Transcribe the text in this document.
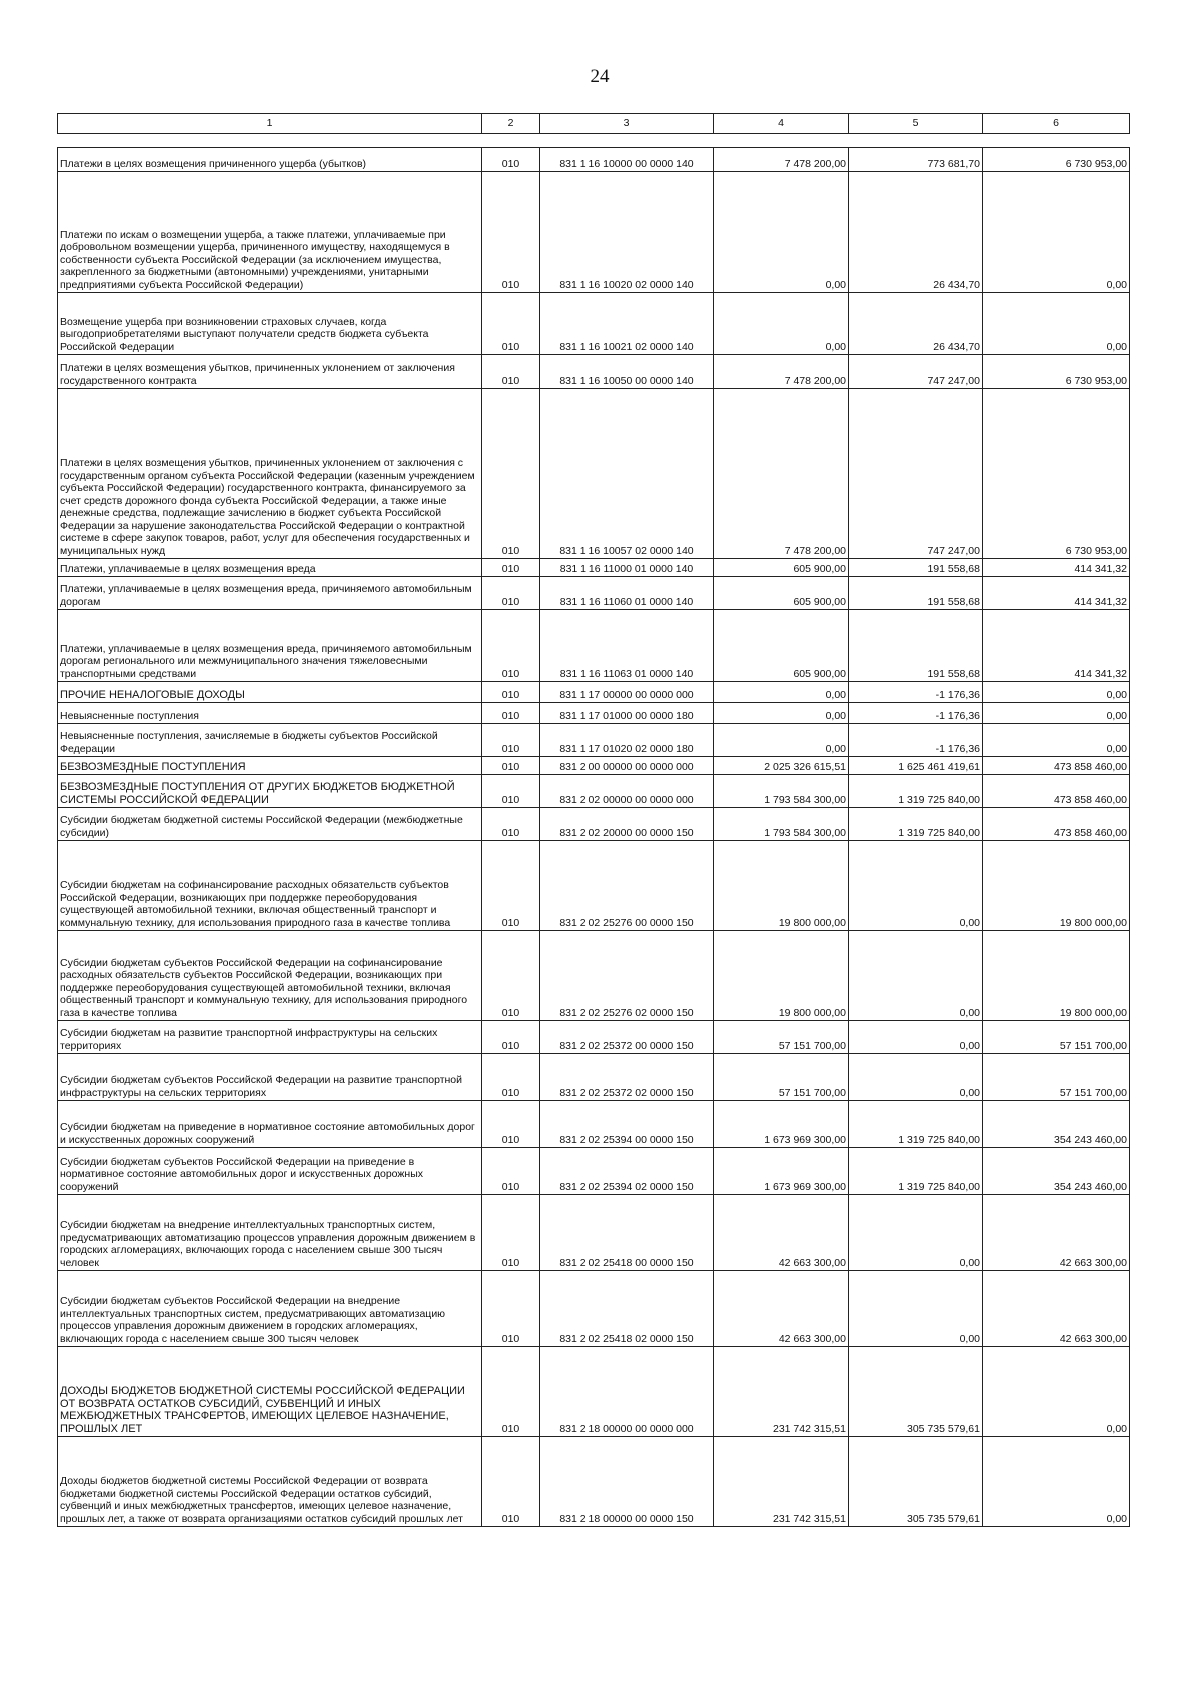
24
1	2	3	4	5	6

Платежи в целях возмещения причиненного ущерба (убытков)	010	831 1 16 10000 00 0000 140	7 478 200,00	773 681,70	6 730 953,00
Платежи по искам о возмещении ущерба, а также платежи, уплачиваемые при добровольном возмещении ущерба, причиненного имуществу, находящемуся в собственности субъекта Российской Федерации (за исключением имущества, закрепленного за бюджетными (автономными) учреждениями, унитарными предприятиями субъекта Российской Федерации)	010	831 1 16 10020 02 0000 140	0,00	26 434,70	0,00
Возмещение ущерба при возникновении страховых случаев, когда выгодоприобретателями выступают получатели средств бюджета субъекта Российской Федерации	010	831 1 16 10021 02 0000 140	0,00	26 434,70	0,00
Платежи в целях возмещения убытков, причиненных уклонением от заключения государственного контракта	010	831 1 16 10050 00 0000 140	7 478 200,00	747 247,00	6 730 953,00
Платежи в целях возмещения убытков, причиненных уклонением от заключения с государственным органом субъекта Российской Федерации (казенным учреждением субъекта Российской Федерации) государственного контракта, финансируемого за счет средств дорожного фонда субъекта Российской Федерации, а также иные денежные средства, подлежащие зачислению в бюджет субъекта Российской Федерации за нарушение законодательства Российской Федерации о контрактной системе в сфере закупок товаров, работ, услуг для обеспечения государственных и муниципальных нужд	010	831 1 16 10057 02 0000 140	7 478 200,00	747 247,00	6 730 953,00
Платежи, уплачиваемые в целях возмещения вреда	010	831 1 16 11000 01 0000 140	605 900,00	191 558,68	414 341,32
Платежи, уплачиваемые в целях возмещения вреда, причиняемого автомобильным дорогам	010	831 1 16 11060 01 0000 140	605 900,00	191 558,68	414 341,32
Платежи, уплачиваемые в целях возмещения вреда, причиняемого автомобильным дорогам регионального или межмуниципального значения тяжеловесными транспортными средствами	010	831 1 16 11063 01 0000 140	605 900,00	191 558,68	414 341,32
ПРОЧИЕ НЕНАЛОГОВЫЕ ДОХОДЫ	010	831 1 17 00000 00 0000 000	0,00	-1 176,36	0,00
Невыясненные поступления	010	831 1 17 01000 00 0000 180	0,00	-1 176,36	0,00
Невыясненные поступления, зачисляемые в бюджеты субъектов Российской Федерации	010	831 1 17 01020 02 0000 180	0,00	-1 176,36	0,00
БЕЗВОЗМЕЗДНЫЕ ПОСТУПЛЕНИЯ	010	831 2 00 00000 00 0000 000	2 025 326 615,51	1 625 461 419,61	473 858 460,00
БЕЗВОЗМЕЗДНЫЕ ПОСТУПЛЕНИЯ ОТ ДРУГИХ БЮДЖЕТОВ БЮДЖЕТНОЙ СИСТЕМЫ РОССИЙСКОЙ ФЕДЕРАЦИИ	010	831 2 02 00000 00 0000 000	1 793 584 300,00	1 319 725 840,00	473 858 460,00
Субсидии бюджетам бюджетной системы Российской Федерации (межбюджетные субсидии)	010	831 2 02 20000 00 0000 150	1 793 584 300,00	1 319 725 840,00	473 858 460,00
Субсидии бюджетам на софинансирование расходных обязательств субъектов Российской Федерации, возникающих при поддержке переоборудования существующей автомобильной техники, включая общественный транспорт и коммунальную технику, для использования природного газа в качестве топлива	010	831 2 02 25276 00 0000 150	19 800 000,00	0,00	19 800 000,00
Субсидии бюджетам субъектов Российской Федерации на софинансирование расходных обязательств субъектов Российской Федерации, возникающих при поддержке переоборудования существующей автомобильной техники, включая общественный транспорт и коммунальную технику, для использования природного газа в качестве топлива	010	831 2 02 25276 02 0000 150	19 800 000,00	0,00	19 800 000,00
Субсидии бюджетам на развитие транспортной инфраструктуры на сельских территориях	010	831 2 02 25372 00 0000 150	57 151 700,00	0,00	57 151 700,00
Субсидии бюджетам субъектов Российской Федерации на развитие транспортной инфраструктуры на сельских территориях	010	831 2 02 25372 02 0000 150	57 151 700,00	0,00	57 151 700,00
Субсидии бюджетам на приведение в нормативное состояние автомобильных дорог и искусственных дорожных сооружений	010	831 2 02 25394 00 0000 150	1 673 969 300,00	1 319 725 840,00	354 243 460,00
Субсидии бюджетам субъектов Российской Федерации на приведение в нормативное состояние автомобильных дорог и искусственных дорожных сооружений	010	831 2 02 25394 02 0000 150	1 673 969 300,00	1 319 725 840,00	354 243 460,00
Субсидии бюджетам на внедрение интеллектуальных транспортных систем, предусматривающих автоматизацию процессов управления дорожным движением в городских агломерациях, включающих города с населением свыше 300 тысяч человек	010	831 2 02 25418 00 0000 150	42 663 300,00	0,00	42 663 300,00
Субсидии бюджетам субъектов Российской Федерации на внедрение интеллектуальных транспортных систем, предусматривающих автоматизацию процессов управления дорожным движением в городских агломерациях, включающих города с населением свыше 300 тысяч человек	010	831 2 02 25418 02 0000 150	42 663 300,00	0,00	42 663 300,00
ДОХОДЫ БЮДЖЕТОВ БЮДЖЕТНОЙ СИСТЕМЫ РОССИЙСКОЙ ФЕДЕРАЦИИ ОТ ВОЗВРАТА ОСТАТКОВ СУБСИДИЙ, СУБВЕНЦИЙ И ИНЫХ МЕЖБЮДЖЕТНЫХ ТРАНСФЕРТОВ, ИМЕЮЩИХ ЦЕЛЕВОЕ НАЗНАЧЕНИЕ, ПРОШЛЫХ ЛЕТ	010	831 2 18 00000 00 0000 000	231 742 315,51	305 735 579,61	0,00
Доходы бюджетов бюджетной системы Российской Федерации от возврата бюджетами бюджетной системы Российской Федерации остатков субсидий, субвенций и иных межбюджетных трансфертов, имеющих целевое назначение, прошлых лет, а также от возврата организациями остатков субсидий прошлых лет	010	831 2 18 00000 00 0000 150	231 742 315,51	305 735 579,61	0,00
